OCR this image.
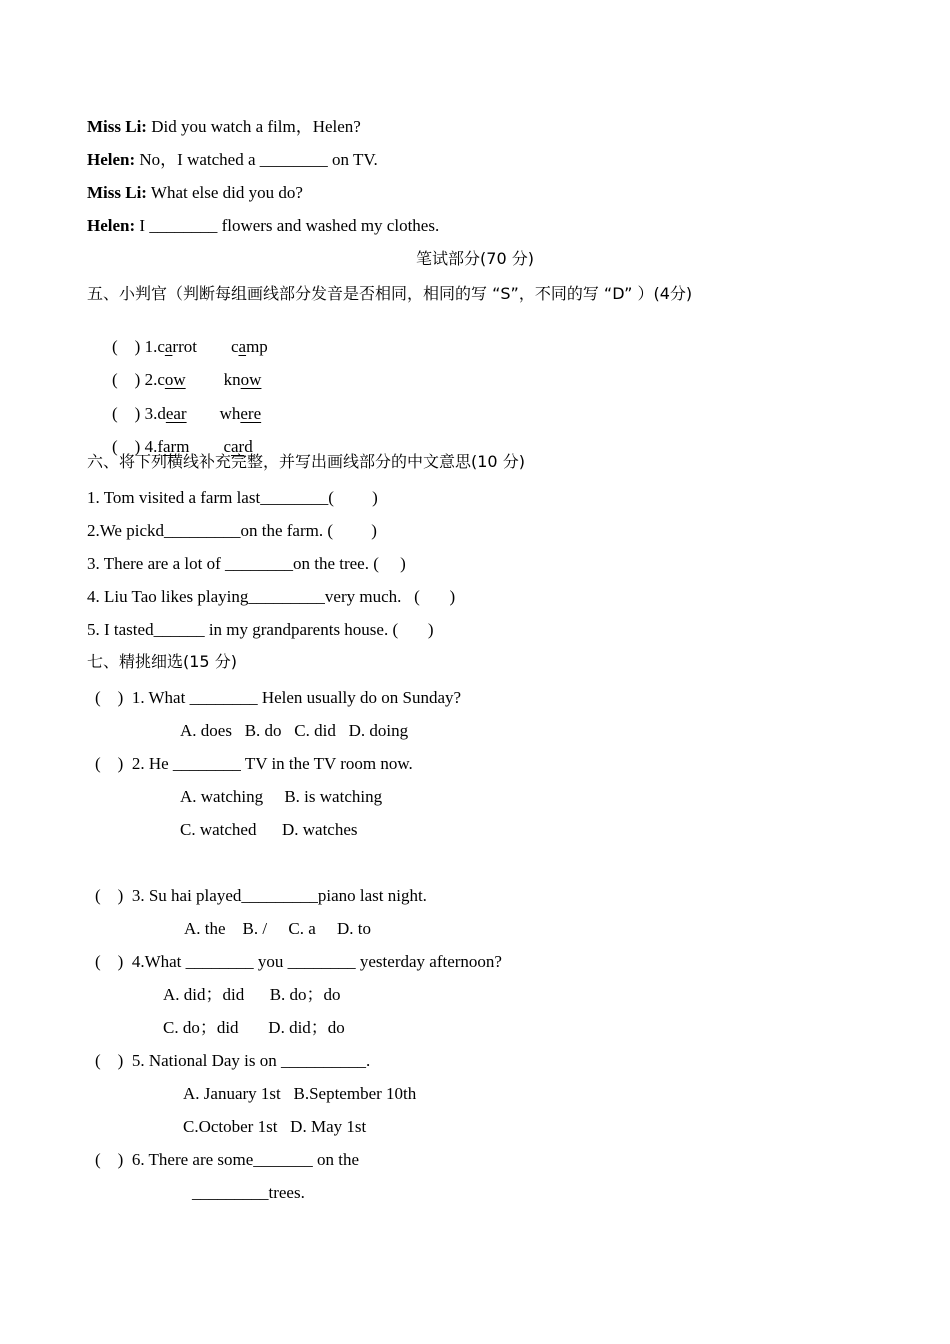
Miss Li: Did you watch a film，Helen?
Helen: No，I watched a ________ on TV.
Miss Li: What else did you do?
Helen: I ________ flowers and washed my clothes.
笔试部分(70 分)
五、小判官（判断每组画线部分发音是否相同，相同的写 “S”，不同的写 “D” ）(4分)

(    ) 1.carrot camp

(    ) 2.cow know

(    ) 3.dear where

(    ) 4.farm card

六、将下列横线补充完整，并写出画线部分的中文意思(10 分)
1. Tom visited a farm last________(         )
2.We pickd_________on the farm. (         )
3. There are a lot of ________on the tree. (     )
4. Liu Tao likes playing_________very much.   (       )
5. I tasted______ in my grandparents house. (       )
七、精挑细选(15 分)
(    )  1. What ________ Helen usually do on Sunday?
A. does   B. do   C. did   D. doing
(    )  2. He ________ TV in the TV room now.
A. watching     B. is watching
C. watched      D. watches
(    )  3. Su hai played_________piano last night.
A. the    B. /     C. a     D. to
(    )  4.What ________ you ________ yesterday afternoon?
A. did；did      B. do；do
C. do；did       D. did；do
(    )  5. National Day is on __________.
A. January 1st   B.September 10th
C.October 1st   D. May 1st
(    )  6. There are some_______ on the
_________trees.
